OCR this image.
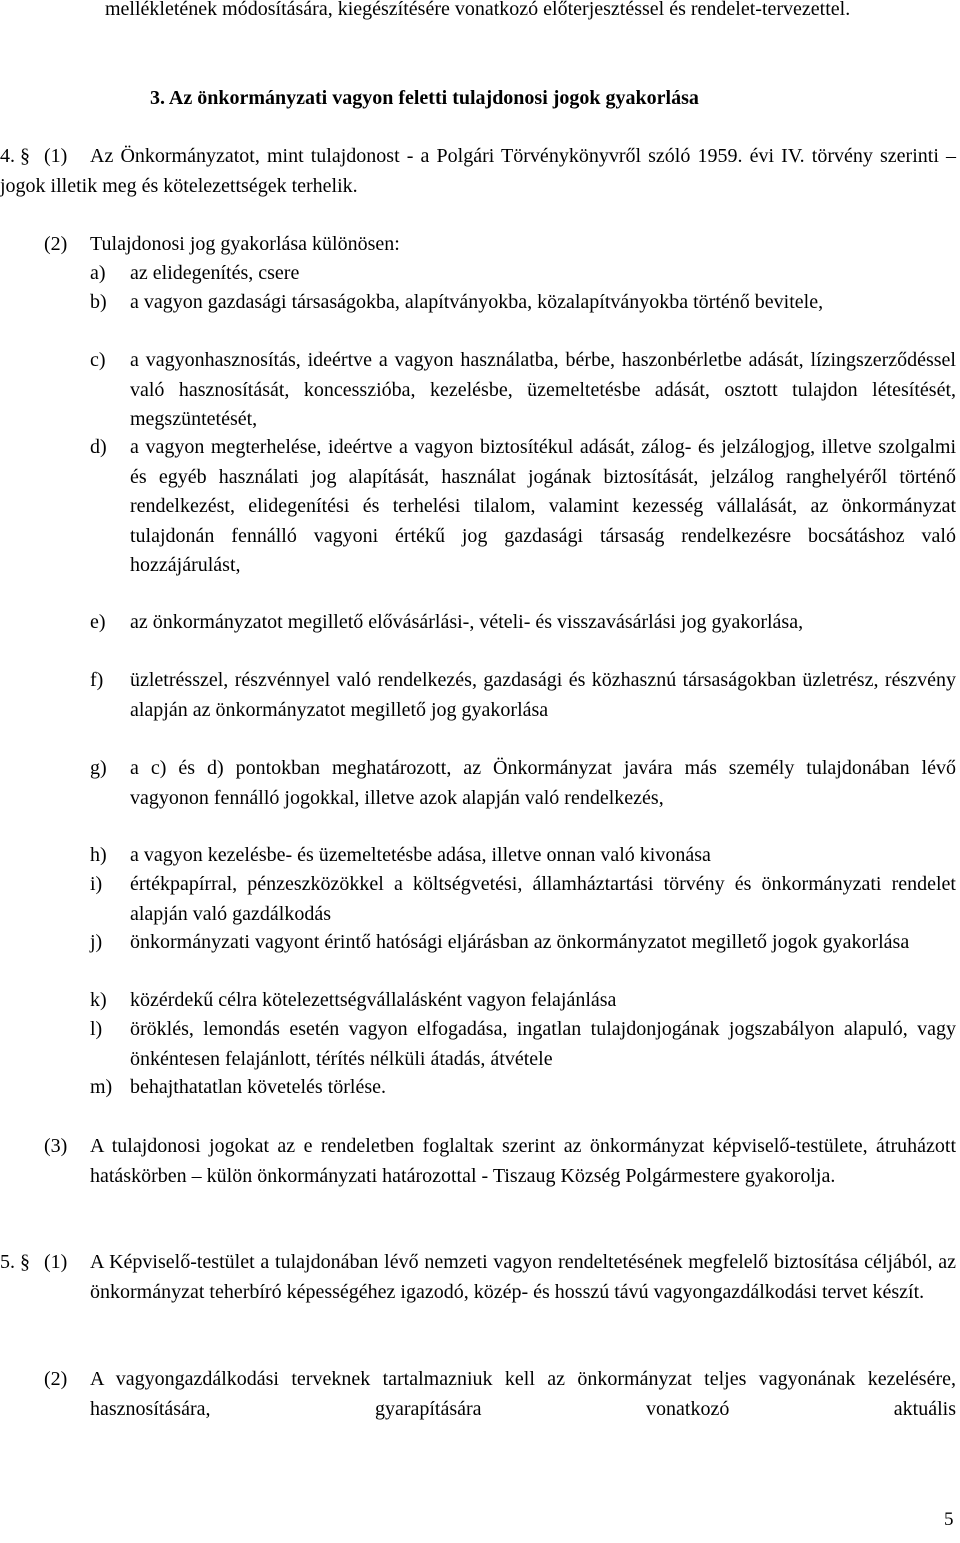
mellékletének módosítására, kiegészítésére vonatkozó előterjesztéssel és rendelet-tervezettel.
3. Az önkormányzati vagyon feletti tulajdonosi jogok gyakorlása
4. § (1)	Az Önkormányzatot, mint tulajdonost - a Polgári Törvénykönyvről szóló 1959. évi IV. törvény szerinti – jogok illetik meg és kötelezettségek terhelik.
(2) Tulajdonosi jog gyakorlása különösen:
a) az elidegenítés, csere
b) a vagyon gazdasági társaságokba, alapítványokba, közalapítványokba történő bevitele,
c) a vagyonhasznosítás, ideértve a vagyon használatba, bérbe, haszonbérletbe adását, lízingszerződéssel való hasznosítását, koncesszióba, kezelésbe, üzemeltetésbe adását, osztott tulajdon létesítését, megszüntetését,
d) a vagyon megterhelése, ideértve a vagyon biztosítékul adását, zálog- és jelzálogjog, illetve szolgalmi és egyéb használati jog alapítását, használat jogának biztosítását, jelzálog ranghelyéről történő rendelkezést, elidegenítési és terhelési tilalom, valamint kezesség vállalását, az önkormányzat tulajdonán fennálló vagyoni értékű jog gazdasági társaság rendelkezésre bocsátáshoz való hozzájárulást,
e) az önkormányzatot megillető elővásárlási-, vételi- és visszavásárlási jog gyakorlása,
f) üzletrésszel, részvénnyel való rendelkezés, gazdasági és közhasznú társaságokban üzletrész, részvény alapján az önkormányzatot megillető jog gyakorlása
g) a c) és d) pontokban meghatározott, az Önkormányzat javára más személy tulajdonában lévő vagyonon fennálló jogokkal, illetve azok alapján való rendelkezés,
h) a vagyon kezelésbe- és üzemeltetésbe adása, illetve onnan való kivonása
i) értékpapírral, pénzeszközökkel a költségvetési, államháztartási törvény és önkormányzati rendelet alapján való gazdálkodás
j) önkormányzati vagyont érintő hatósági eljárásban az önkormányzatot megillető jogok gyakorlása
k) közérdekű célra kötelezettségvállalásként vagyon felajánlása
l) öröklés, lemondás esetén vagyon elfogadása, ingatlan tulajdonjogának jogszabályon alapuló, vagy önkéntesen felajánlott, térítés nélküli átadás, átvétele
m) behajthatatlan követelés törlése.
(3) A tulajdonosi jogokat az e rendeletben foglaltak szerint az önkormányzat képviselő-testülete, átruházott hatáskörben – külön önkormányzati határozottal - Tiszaug Község Polgármestere gyakorolja.
5. § (1) A Képviselő-testület a tulajdonában lévő nemzeti vagyon rendeltetésének megfelelő biztosítása céljából, az önkormányzat teherbíró képességéhez igazodó, közép- és hosszú távú vagyongazdálkodási tervet készít.
(2) A vagyongazdálkodási terveknek tartalmazniuk kell az önkormányzat teljes vagyonának kezelésére, hasznosítására, gyarapítására vonatkozó aktuális
5
